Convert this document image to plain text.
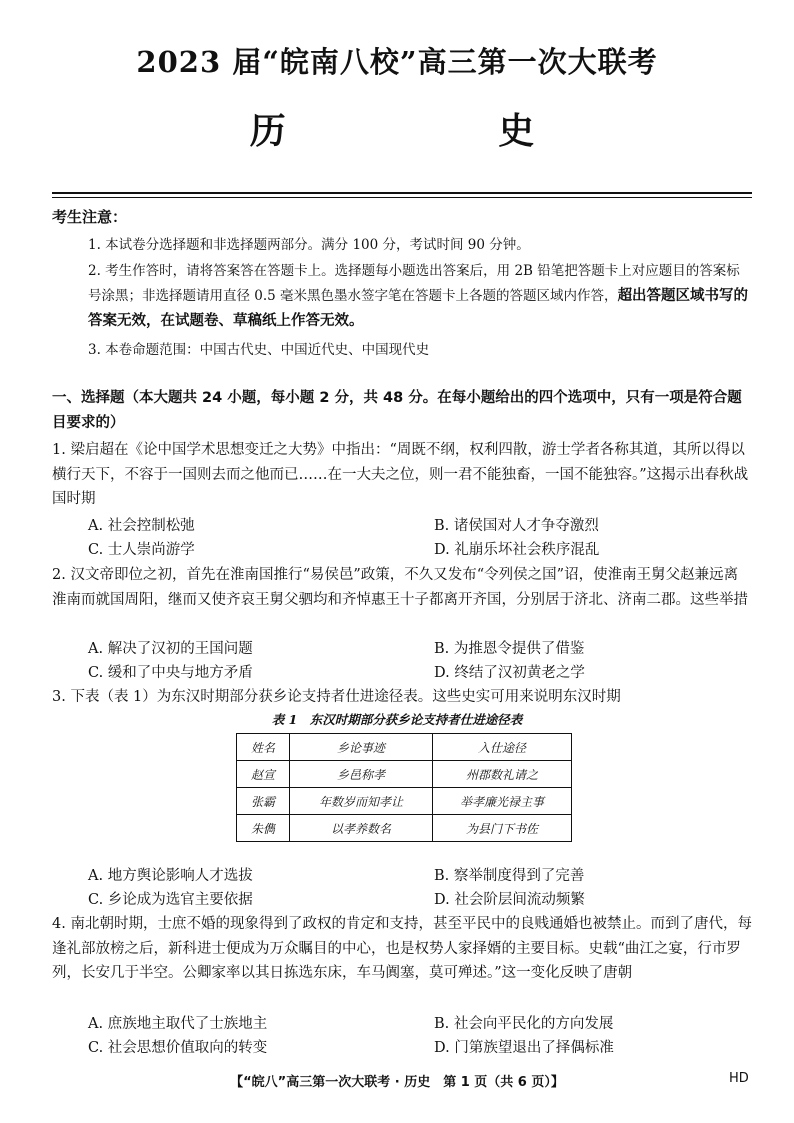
2023 届“皖南八校”高三第一次大联考
历 史
考生注意：
1. 本试卷分选择题和非选择题两部分。满分 100 分，考试时间 90 分钟。
2. 考生作答时，请将答案答在答题卡上。选择题每小题选出答案后，用 2B 铅笔把答题卡上对应题目的答案标号涂黑；非选择题请用直径 0.5 毫米黑色墨水签字笔在答题卡上各题的答题区域内作答，超出答题区域书写的答案无效，在试题卷、草稿纸上作答无效。
3. 本卷命题范围：中国古代史、中国近代史、中国现代史
一、选择题（本大题共 24 小题，每小题 2 分，共 48 分。在每小题给出的四个选项中，只有一项是符合题目要求的）
1. 梁启超在《论中国学术思想变迁之大势》中指出：“周既不纲，权利四散，游士学者各称其道，其所以得以横行天下，不容于一国则去而之他而已……在一大夫之位，则一君不能独畜，一国不能独容。”这揭示出春秋战国时期
A. 社会控制松弛	B. 诸侯国对人才争夺激烈
C. 士人崇尚游学	D. 礼崩乐坏社会秩序混乱
2. 汉文帝即位之初，首先在淮南国推行“易侯邑”政策，不久又发布“令列侯之国”诏，使淮南王舅父赵兼远离淮南而就国周阳，继而又使齐哀王舅父驷均和齐悼惠王十子都离开齐国，分别居于济北、济南二郡。这些举措
A. 解决了汉初的王国问题	B. 为推恩令提供了借鉴
C. 缓和了中央与地方矛盾	D. 终结了汉初黄老之学
3. 下表（表 1）为东汉时期部分获乡论支持者仕进途径表。这些史实可用来说明东汉时期
表 1　东汉时期部分获乡论支持者仕进途径表
姓名	乡论事迹	入仕途径
赵宣	乡邑称孝	州郡数礼请之
张霸	年数岁而知孝让	举孝廉光禄主事
朱儁	以孝养数名	为县门下书佐
A. 地方舆论影响人才选拔	B. 察举制度得到了完善
C. 乡论成为选官主要依据	D. 社会阶层间流动频繁
4. 南北朝时期，士庶不婚的现象得到了政权的肯定和支持，甚至平民中的良贱通婚也被禁止。而到了唐代，每逢礼部放榜之后，新科进士便成为万众瞩目的中心，也是权势人家择婿的主要目标。史载“曲江之宴，行市罗列，长安几于半空。公卿家率以其日拣选东床，车马阗塞，莫可殚述。”这一变化反映了唐朝
A. 庶族地主取代了士族地主	B. 社会向平民化的方向发展
C. 社会思想价值取向的转变	D. 门第族望退出了择偶标准
【“皖八”高三第一次大联考 · 历史　第 1 页（共 6 页）】	HD
